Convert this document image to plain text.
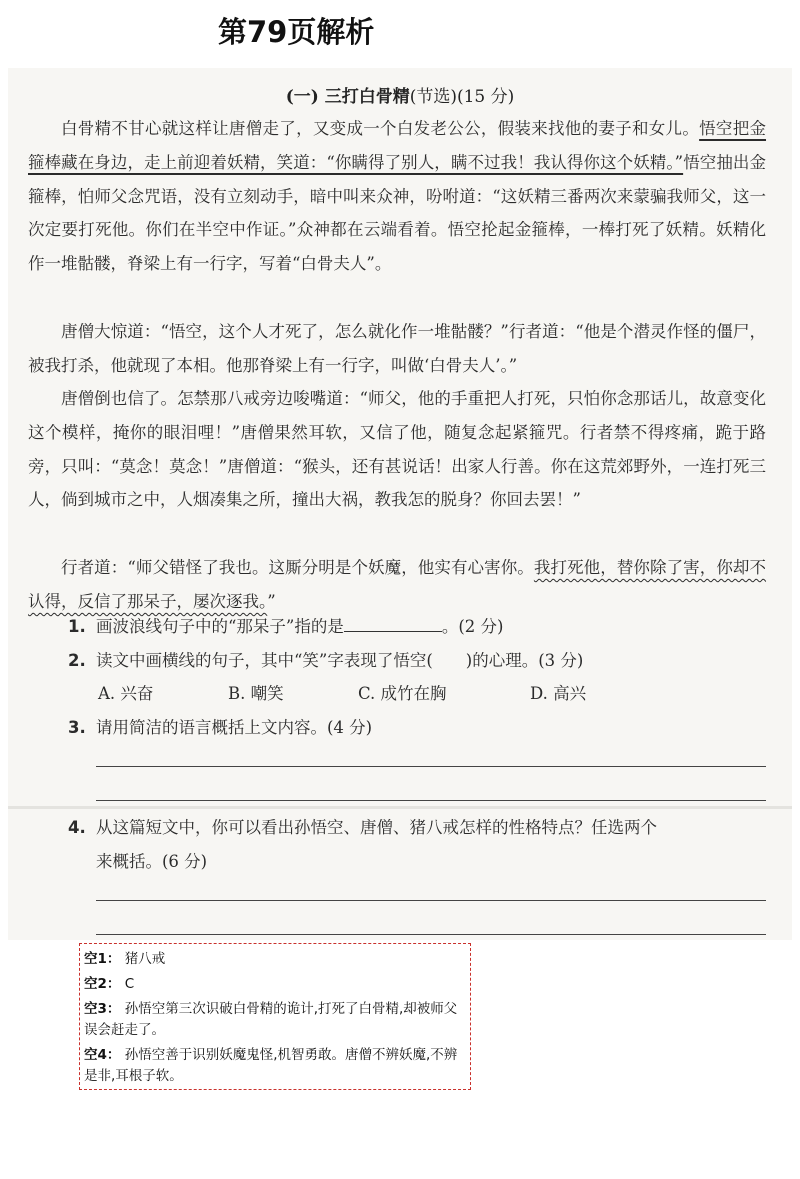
第79页解析
(一) 三打白骨精(节选)(15 分)

白骨精不甘心就这样让唐僧走了，又变成一个白发老公公，假装来找他的妻子和女儿。悟空把金箍棒藏在身边，走上前迎着妖精，笑道：“你瞒得了别人，瞒不过我！我认得你这个妖精。”悟空抽出金箍棒，怕师父念咒语，没有立刻动手，暗中叫来众神，吩咐道：“这妖精三番两次来蒙骗我师父，这一次定要打死他。你们在半空中作证。”众神都在云端看着。悟空抡起金箍棒，一棒打死了妖精。妖精化作一堆骷髅，脊梁上有一行字，写着“白骨夫人”。

唐僧大惊道：“悟空，这个人才死了，怎么就化作一堆骷髅？”行者道：“他是个潜灵作怪的僵尸，被我打杀，他就现了本相。他那脊梁上有一行字，叫做‘白骨夫人’。”

唐僧倒也信了。怎禁那八戒旁边唆嘴道：“师父，他的手重把人打死，只怕你念那话儿，故意变化这个模样，掩你的眼泪哩！”唐僧果然耳软，又信了他，随复念起紧箍咒。行者禁不得疼痛，跪于路旁，只叫：“莫念！莫念！”唐僧道：“猴头，还有甚说话！出家人行善。你在这荒郊野外，一连打死三人，倘到城市之中，人烟凑集之所，撞出大祸，教我怎的脱身？你回去罢！”

行者道：“师父错怪了我也。这厮分明是个妖魔，他实有心害你。我打死他，替你除了害，你却不认得，反信了那呆子，屡次逐我。”

1. 画波浪线句子中的“那呆子”指的是	。(2 分)
2. 读文中画横线的句子，其中“笑”字表现了悟空(　　)的心理。(3 分)
A. 兴奋	B. 嘲笑	C. 成竹在胸	D. 高兴
3. 请用简洁的语言概括上文内容。(4 分)
4. 从这篇短文中，你可以看出孙悟空、唐僧、猪八戒怎样的性格特点？任选两个
来概括。(6 分)

空1： 猪八戒

空2： C

空3： 孙悟空第三次识破白骨精的诡计,打死了白骨精,却被师父误会赶走了。

空4： 孙悟空善于识别妖魔鬼怪,机智勇敢。唐僧不辨妖魔,不辨是非,耳根子软。
